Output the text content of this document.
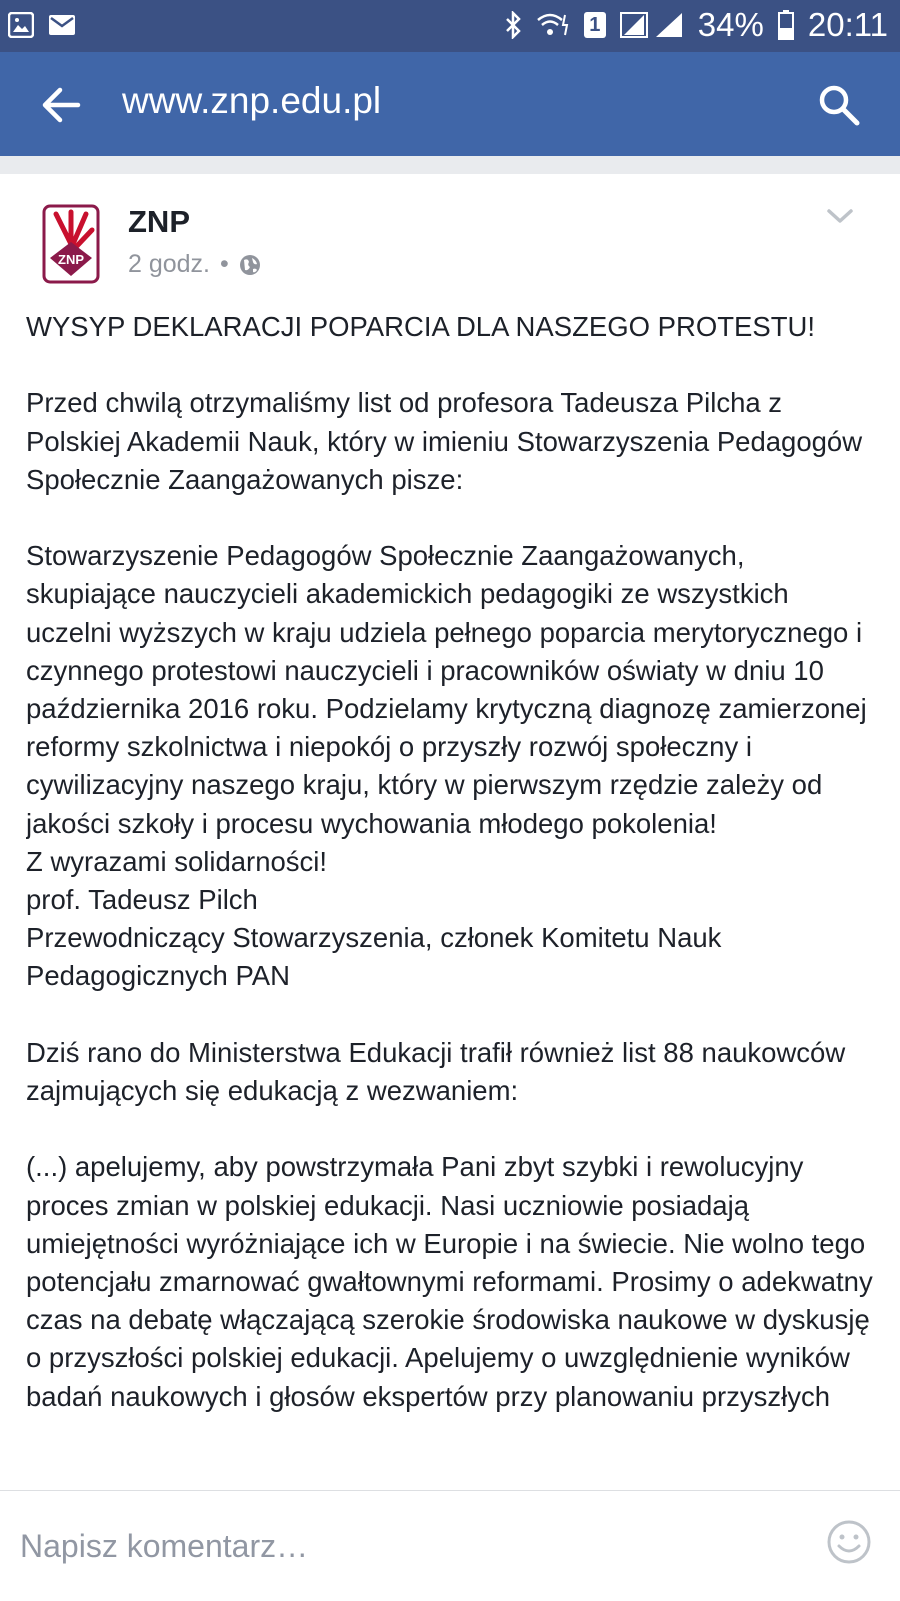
1	34% 20:11
www.znp.edu.pl
ZNP
ZNP
2 godz. •

WYSYP DEKLARACJI POPARCIA DLA NASZEGO PROTESTU!

Przed chwilą otrzymaliśmy list od profesora Tadeusza Pilcha z Polskiej Akademii Nauk, który w imieniu Stowarzyszenia Pedagogów Społecznie Zaangażowanych pisze:

Stowarzyszenie Pedagogów Społecznie Zaangażowanych, skupiające nauczycieli akademickich pedagogiki ze wszystkich uczelni wyższych w kraju udziela pełnego poparcia merytorycznego i czynnego protestowi nauczycieli i pracowników oświaty w dniu 10 października 2016 roku. Podzielamy krytyczną diagnozę zamierzonej reformy szkolnictwa i niepokój o przyszły rozwój społeczny i cywilizacyjny naszego kraju, który w pierwszym rzędzie zależy od jakości szkoły i procesu wychowania młodego pokolenia!
Z wyrazami solidarności!
prof. Tadeusz Pilch
Przewodniczący Stowarzyszenia, członek Komitetu Nauk Pedagogicznych PAN

Dziś rano do Ministerstwa Edukacji trafił również list 88 naukowców zajmujących się edukacją z wezwaniem:

(...) apelujemy, aby powstrzymała Pani zbyt szybki i rewolucyjny proces zmian w polskiej edukacji. Nasi uczniowie posiadają umiejętności wyróżniające ich w Europie i na świecie. Nie wolno tego potencjału zmarnować gwałtownymi reformami. Prosimy o adekwatny czas na debatę włączającą szerokie środowiska naukowe w dyskusję o przyszłości polskiej edukacji. Apelujemy o uwzględnienie wyników badań naukowych i głosów ekspertów przy planowaniu przyszłych

Napisz komentarz…
